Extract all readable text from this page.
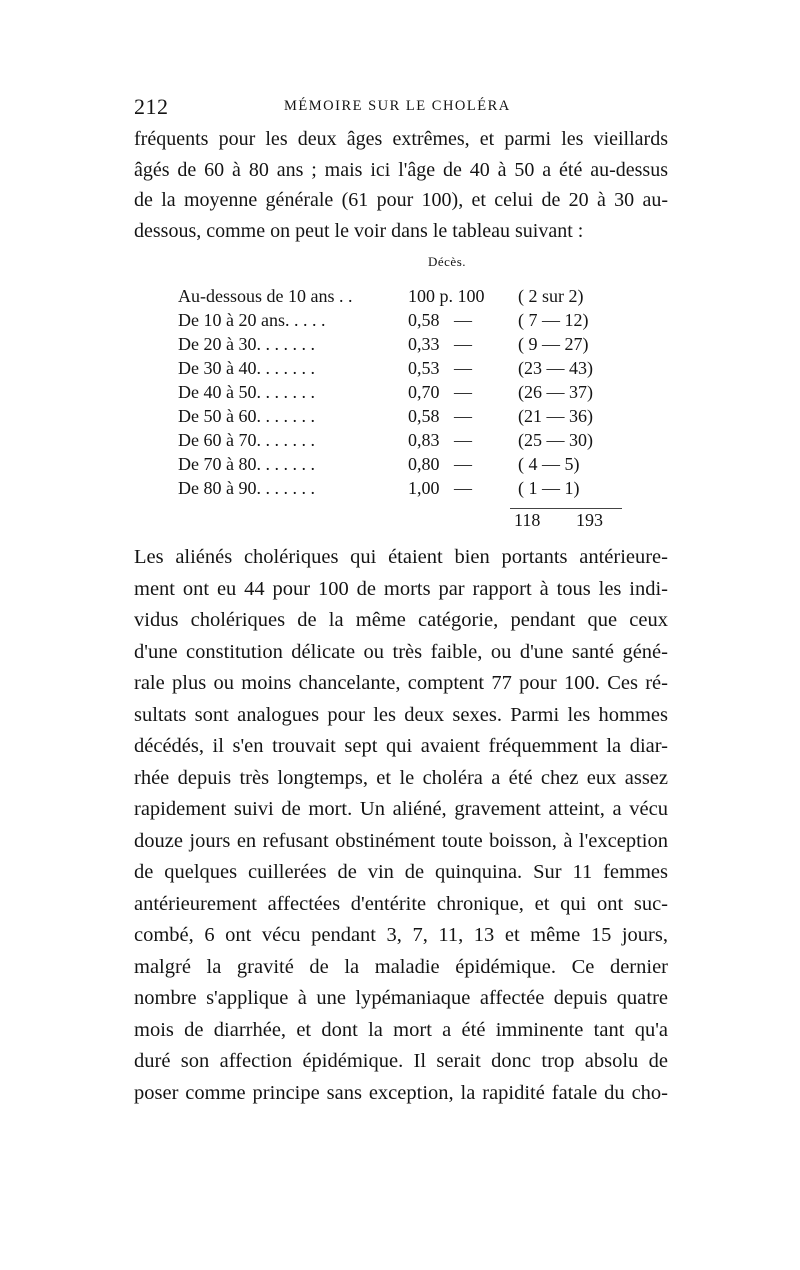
212	MÉMOIRE SUR LE CHOLÉRA
fréquents pour les deux âges extrêmes, et parmi les vieillards
âgés de 60 à 80 ans ; mais ici l'âge de 40 à 50 a été au-dessus
de la moyenne générale (61 pour 100), et celui de 20 à 30 au-
dessous, comme on peut le voir dans le tableau suivant :
Décès.
Au-dessous de 10 ans . .	100 p. 100 ( 2 sur 2)
De 10 à 20 ans. . . . .	0,58 —	( 7 — 12)
De 20 à 30. . . . . . .	0,33 —	( 9 — 27)
De 30 à 40. . . . . . .	0,53 —	(23 — 43)
De 40 à 50. . . . . . .	0,70 —	(26 — 37)
De 50 à 60. . . . . . .	0,58 —	(21 — 36)
De 60 à 70. . . . . . .	0,83 —	(25 — 30)
De 70 à 80. . . . . . .	0,80 —	( 4 — 5)
De 80 à 90. . . . . . .	1,00 —	( 1 — 1)
118 193
Les aliénés cholériques qui étaient bien portants antérieure-
ment ont eu 44 pour 100 de morts par rapport à tous les indi-
vidus cholériques de la même catégorie, pendant que ceux
d'une constitution délicate ou très faible, ou d'une santé géné-
rale plus ou moins chancelante, comptent 77 pour 100. Ces ré-
sultats sont analogues pour les deux sexes. Parmi les hommes
décédés, il s'en trouvait sept qui avaient fréquemment la diar-
rhée depuis très longtemps, et le choléra a été chez eux assez
rapidement suivi de mort. Un aliéné, gravement atteint, a vécu
douze jours en refusant obstinément toute boisson, à l'exception
de quelques cuillerées de vin de quinquina. Sur 11 femmes
antérieurement affectées d'entérite chronique, et qui ont suc-
combé, 6 ont vécu pendant 3, 7, 11, 13 et même 15 jours,
malgré la gravité de la maladie épidémique. Ce dernier
nombre s'applique à une lypémaniaque affectée depuis quatre
mois de diarrhée, et dont la mort a été imminente tant qu'a
duré son affection épidémique. Il serait donc trop absolu de
poser comme principe sans exception, la rapidité fatale du cho-
